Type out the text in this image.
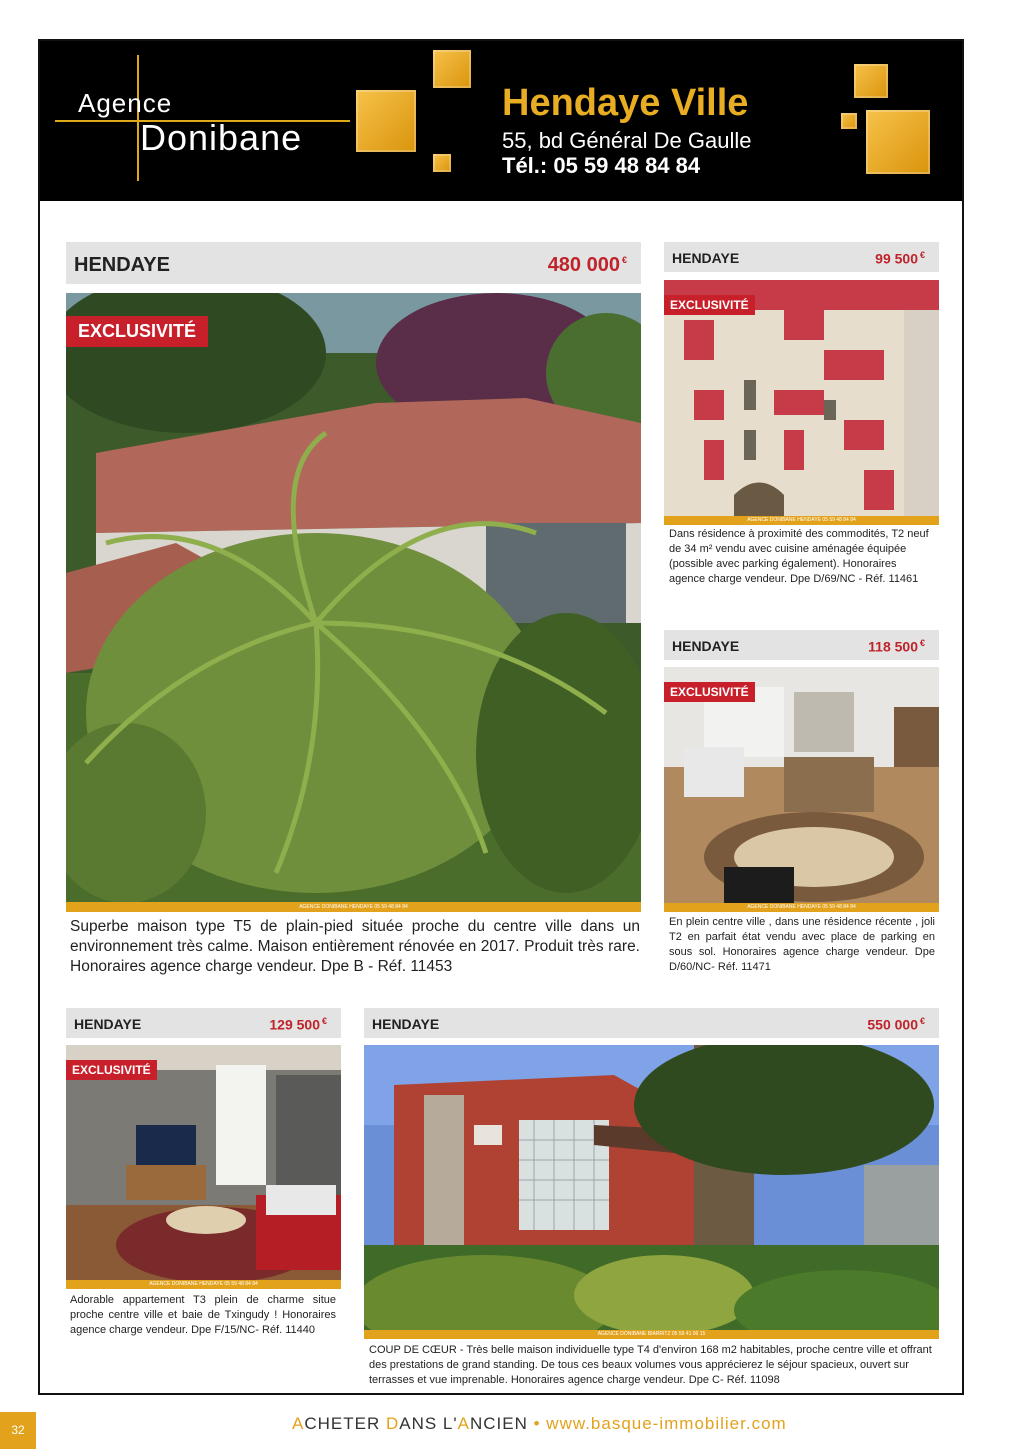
Agence
Donibane
Hendaye Ville
55, bd Général De Gaulle
Tél.: 05 59 48 84 84
HENDAYE	480 000 €
EXCLUSIVITÉ
AGENCE DONIBANE HENDAYE 05 59 48 84 84
Superbe maison type T5 de plain-pied située proche du centre ville dans un environnement très calme. Maison entièrement rénovée en 2017. Produit très rare. Honoraires agence charge vendeur. Dpe B - Réf. 11453
HENDAYE	99 500 €
EXCLUSIVITÉ
AGENCE DONIBANE HENDAYE 05 59 48 84 84
Dans résidence à proximité des commodités, T2 neuf de 34 m² vendu avec cuisine aménagée équipée (possible avec parking également). Honoraires agence charge vendeur. Dpe D/69/NC - Réf. 11461
HENDAYE	118 500 €
EXCLUSIVITÉ
AGENCE DONIBANE HENDAYE 05 59 48 84 84
En plein centre ville , dans une résidence récente , joli T2 en parfait état vendu avec place de parking en sous sol. Honoraires agence charge vendeur. Dpe D/60/NC- Réf. 11471
HENDAYE	129 500 €
EXCLUSIVITÉ
AGENCE DONIBANE HENDAYE 05 59 48 84 84
Adorable appartement T3 plein de charme situe proche centre ville et baie de Txingudy ! Honoraires agence charge vendeur. Dpe F/15/NC- Réf. 11440
HENDAYE	550 000 €
AGENCE DONIBANE BIARRITZ 05 59 41 06 15
COUP DE CŒUR - Très belle maison individuelle type T4 d'environ 168 m2 habitables, proche centre ville et offrant des prestations de grand standing. De tous ces beaux volumes vous apprécierez le séjour spacieux, ouvert sur terrasses et vue imprenable. Honoraires agence charge vendeur. Dpe C- Réf. 11098
32	ACHETER DANS L'ANCIEN • www.basque-immobilier.com
